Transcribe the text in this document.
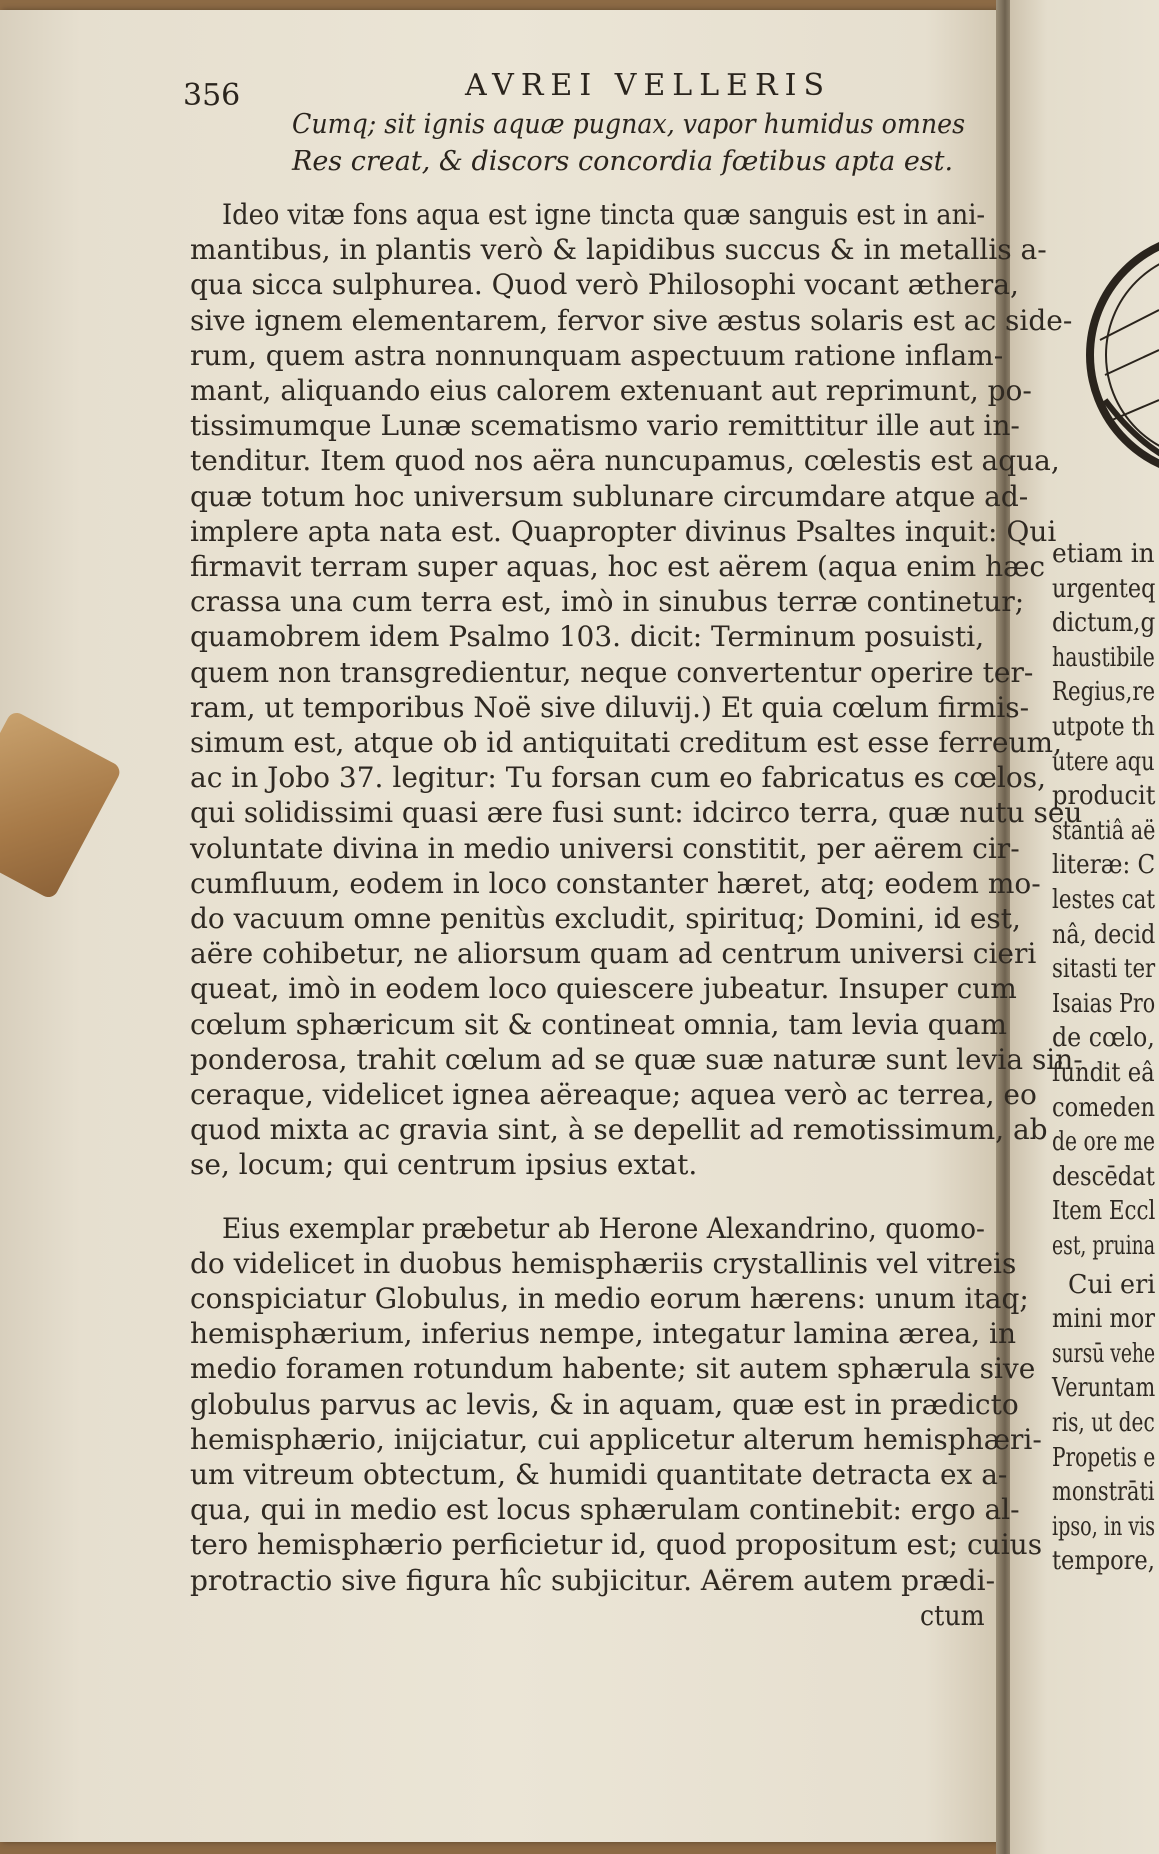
356	AVREI VELLERIS
Cumq; sit ignis aquæ pugnax, vapor humidus omnes
Res creat, & discors concordia fœtibus apta est.

Ideo vitæ fons aqua est igne tincta quæ sanguis est in ani-

mantibus, in plantis verò & lapidibus succus & in metallis a-

qua sicca sulphurea. Quod verò Philosophi vocant æthera,

sive ignem elementarem, fervor sive æstus solaris est ac side-

rum, quem astra nonnunquam aspectuum ratione inflam-

mant, aliquando eius calorem extenuant aut reprimunt, po-

tissimumque Lunæ scematismo vario remittitur ille aut in-

tenditur. Item quod nos aëra nuncupamus, cœlestis est aqua,

quæ totum hoc universum sublunare circumdare atque ad-

implere apta nata est. Quapropter divinus Psaltes inquit: Qui

firmavit terram super aquas, hoc est aërem (aqua enim hæc

crassa una cum terra est, imò in sinubus terræ continetur;

quamobrem idem Psalmo 103. dicit: Terminum posuisti,

quem non transgredientur, neque convertentur operire ter-

ram, ut temporibus Noë sive diluvij.) Et quia cœlum firmis-

simum est, atque ob id antiquitati creditum est esse ferreum,

ac in Jobo 37. legitur: Tu forsan cum eo fabricatus es cœlos,

qui solidissimi quasi ære fusi sunt: idcirco terra, quæ nutu seu

voluntate divina in medio universi constitit, per aërem cir-

cumfluum, eodem in loco constanter hæret, atq; eodem mo-

do vacuum omne penitùs excludit, spirituq; Domini, id est,

aëre cohibetur, ne aliorsum quam ad centrum universi cieri

queat, imò in eodem loco quiescere jubeatur. Insuper cum

cœlum sphæricum sit & contineat omnia, tam levia quam

ponderosa, trahit cœlum ad se quæ suæ naturæ sunt levia sin-

ceraque, videlicet ignea aëreaque; aquea verò ac terrea, eo

quod mixta ac gravia sint, à se depellit ad remotissimum, ab

se, locum; qui centrum ipsius extat.

Eius exemplar præbetur ab Herone Alexandrino, quomo-

do videlicet in duobus hemisphæriis crystallinis vel vitreis

conspiciatur Globulus, in medio eorum hærens: unum itaq;

hemisphærium, inferius nempe, integatur lamina ærea, in

medio foramen rotundum habente; sit autem sphærula sive

globulus parvus ac levis, & in aquam, quæ est in prædicto

hemisphærio, inijciatur, cui applicetur alterum hemisphæri-

um vitreum obtectum, & humidi quantitate detracta ex a-

qua, qui in medio est locus sphærulam continebit: ergo al-

tero hemisphærio perficietur id, quod propositum est; cuius

protractio sive figura hîc subjicitur. Aërem autem prædi-

ctum

etiam in
urgenteq
dictum,g
haustibile
Regius,re
utpote th
utere aqu
producit
stantiâ aë
literæ: C
lestes cat
nâ, decid
sitasti ter
Isaias Pro
de cœlo,
fundit eâ
comeden
de ore me
descēdat
Item Eccl
est, pruina
Cui eri
mini mor
sursū vehe
Veruntam
ris, ut dec
Propetis e
monstrāti
ipso, in vis
tempore,
